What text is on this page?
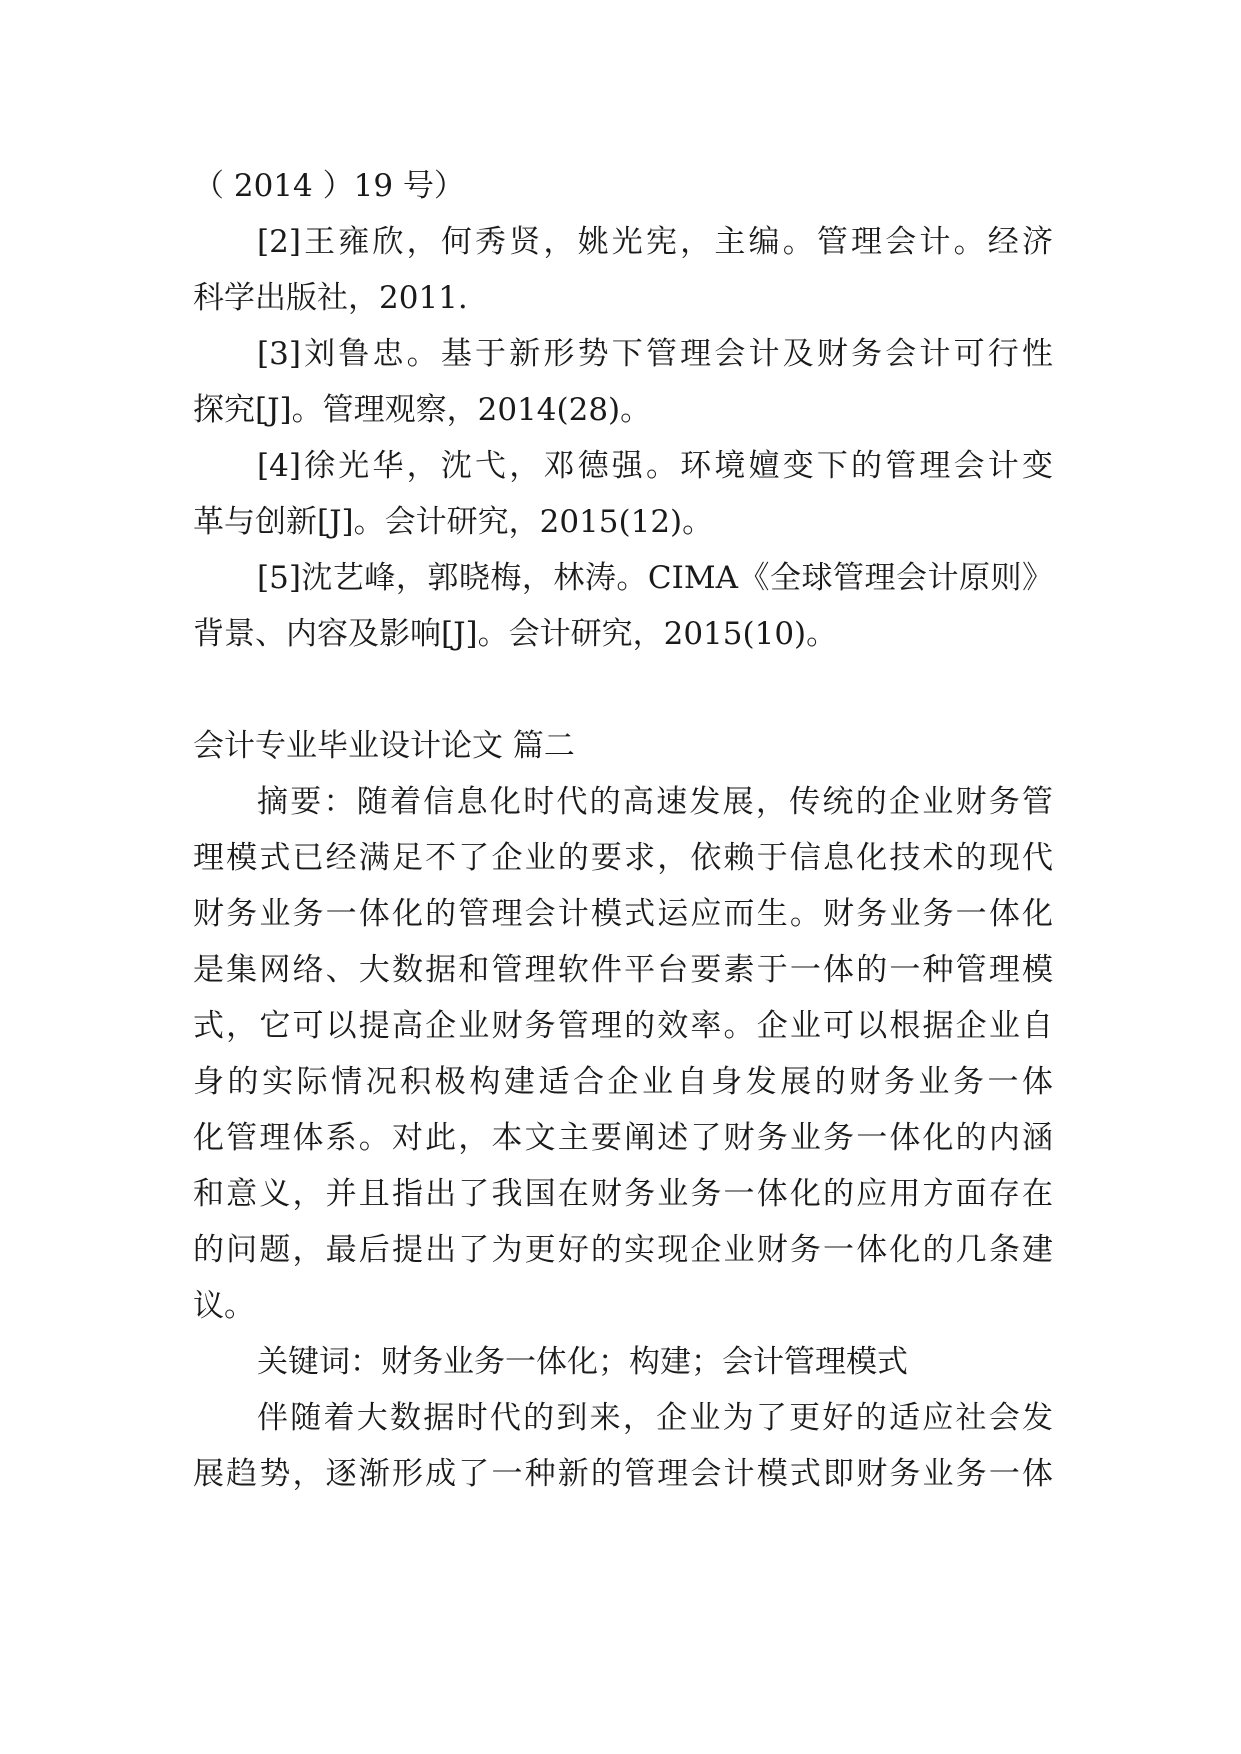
（ 2014 ）19 号）
[2]王雍欣，何秀贤，姚光宪，主编。管理会计。经济
科学出版社，2011.
[3]刘鲁忠。基于新形势下管理会计及财务会计可行性
探究[J]。管理观察，2014(28)。
[4]徐光华，沈弋，邓德强。环境嬗变下的管理会计变
革与创新[J]。会计研究，2015(12)。
[5]沈艺峰，郭晓梅，林涛。CIMA《全球管理会计原则》
背景、内容及影响[J]。会计研究，2015(10)。
会计专业毕业设计论文 篇二
摘要：随着信息化时代的高速发展，传统的企业财务管
理模式已经满足不了企业的要求，依赖于信息化技术的现代
财务业务一体化的管理会计模式运应而生。财务业务一体化
是集网络、大数据和管理软件平台要素于一体的一种管理模
式，它可以提高企业财务管理的效率。企业可以根据企业自
身的实际情况积极构建适合企业自身发展的财务业务一体
化管理体系。对此，本文主要阐述了财务业务一体化的内涵
和意义，并且指出了我国在财务业务一体化的应用方面存在
的问题，最后提出了为更好的实现企业财务一体化的几条建
议。
关键词：财务业务一体化；构建；会计管理模式
伴随着大数据时代的到来，企业为了更好的适应社会发
展趋势，逐渐形成了一种新的管理会计模式即财务业务一体
